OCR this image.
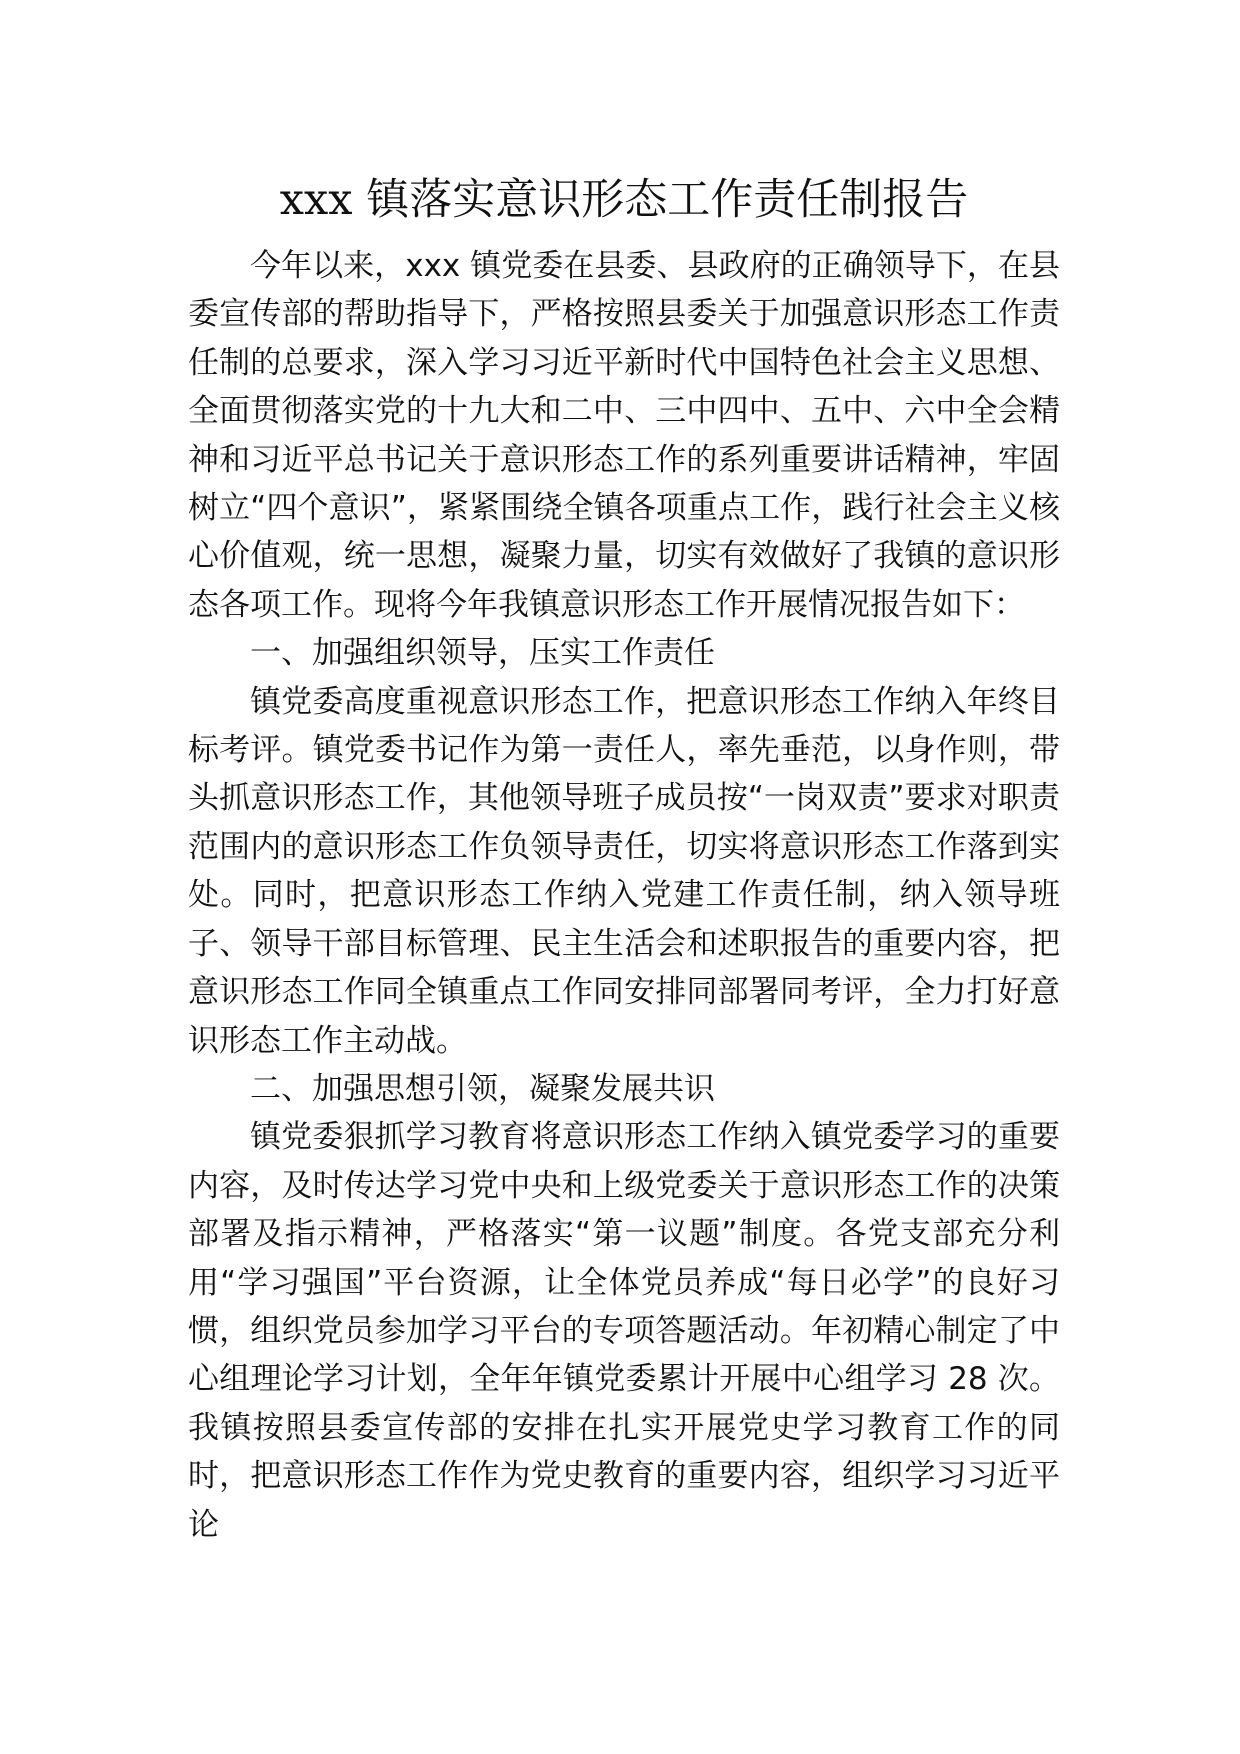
xxx 镇落实意识形态工作责任制报告

今年以来，xxx 镇党委在县委、县政府的正确领导下，在县委宣传部的帮助指导下，严格按照县委关于加强意识形态工作责任制的总要求，深入学习习近平新时代中国特色社会主义思想、全面贯彻落实党的十九大和二中、三中四中、五中、六中全会精神和习近平总书记关于意识形态工作的系列重要讲话精神，牢固树立“四个意识”，紧紧围绕全镇各项重点工作，践行社会主义核心价值观，统一思想，凝聚力量，切实有效做好了我镇的意识形态各项工作。现将今年我镇意识形态工作开展情况报告如下：

一、加强组织领导，压实工作责任

镇党委高度重视意识形态工作，把意识形态工作纳入年终目标考评。镇党委书记作为第一责任人，率先垂范，以身作则，带头抓意识形态工作，其他领导班子成员按“一岗双责”要求对职责范围内的意识形态工作负领导责任，切实将意识形态工作落到实处。同时，把意识形态工作纳入党建工作责任制，纳入领导班子、领导干部目标管理、民主生活会和述职报告的重要内容，把意识形态工作同全镇重点工作同安排同部署同考评，全力打好意识形态工作主动战。

二、加强思想引领，凝聚发展共识

镇党委狠抓学习教育将意识形态工作纳入镇党委学习的重要内容，及时传达学习党中央和上级党委关于意识形态工作的决策部署及指示精神，严格落实“第一议题”制度。各党支部充分利用“学习强国”平台资源，让全体党员养成“每日必学”的良好习惯，组织党员参加学习平台的专项答题活动。年初精心制定了中心组理论学习计划，全年年镇党委累计开展中心组学习 28 次。我镇按照县委宣传部的安排在扎实开展党史学习教育工作的同时，把意识形态工作作为党史教育的重要内容，组织学习习近平论
